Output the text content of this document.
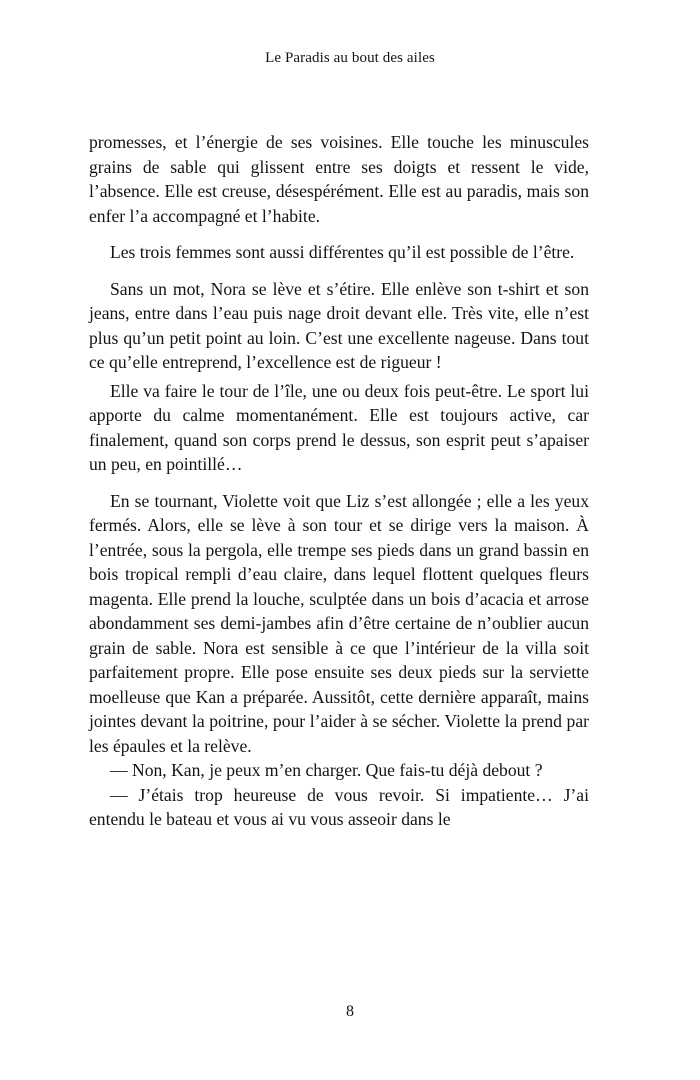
Le Paradis au bout des ailes

promesses, et l’énergie de ses voisines. Elle touche les minuscules grains de sable qui glissent entre ses doigts et ressent le vide, l’absence. Elle est creuse, désespérément. Elle est au paradis, mais son enfer l’a accompagné et l’habite.

Les trois femmes sont aussi différentes qu’il est possible de l’être.

Sans un mot, Nora se lève et s’étire. Elle enlève son t-shirt et son jeans, entre dans l’eau puis nage droit devant elle. Très vite, elle n’est plus qu’un petit point au loin. C’est une excellente nageuse. Dans tout ce qu’elle entreprend, l’excellence est de rigueur !

Elle va faire le tour de l’île, une ou deux fois peut-être. Le sport lui apporte du calme momentanément. Elle est toujours active, car finalement, quand son corps prend le dessus, son esprit peut s’apaiser un peu, en pointillé…

En se tournant, Violette voit que Liz s’est allongée ; elle a les yeux fermés. Alors, elle se lève à son tour et se dirige vers la maison. À l’entrée, sous la pergola, elle trempe ses pieds dans un grand bassin en bois tropical rempli d’eau claire, dans lequel flottent quelques fleurs magenta. Elle prend la louche, sculptée dans un bois d’acacia et arrose abondamment ses demi-jambes afin d’être certaine de n’oublier aucun grain de sable. Nora est sensible à ce que l’intérieur de la villa soit parfaitement propre. Elle pose ensuite ses deux pieds sur la serviette moelleuse que Kan a préparée. Aussitôt, cette dernière apparaît, mains jointes devant la poitrine, pour l’aider à se sécher. Violette la prend par les épaules et la relève.

— Non, Kan, je peux m’en charger. Que fais-tu déjà debout ?

— J’étais trop heureuse de vous revoir. Si impatiente… J’ai entendu le bateau et vous ai vu vous asseoir dans le

8
